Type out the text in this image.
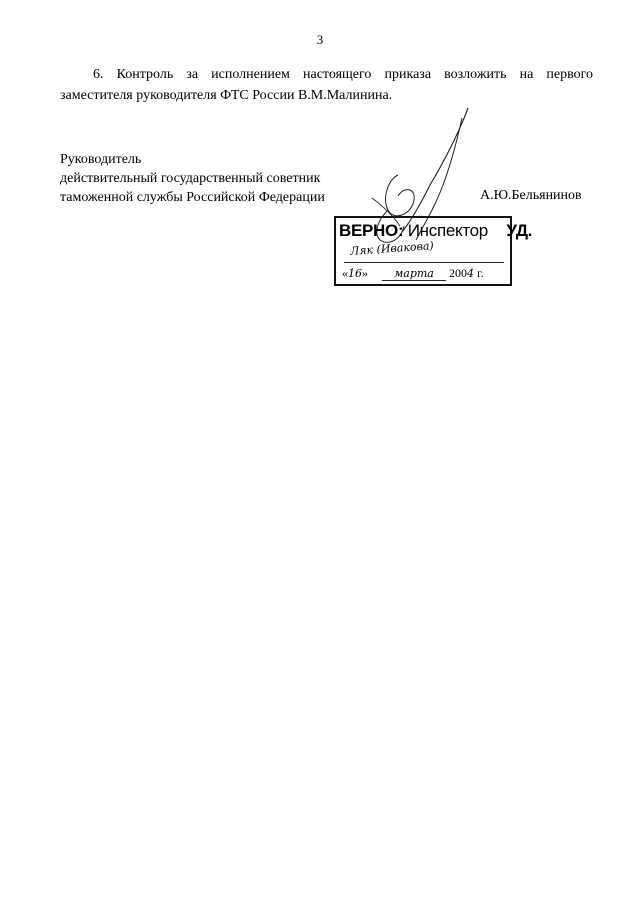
3
6. Контроль за исполнением настоящего приказа возложить на первого
заместителя руководителя ФТС России В.М.Малинина.
Руководитель
действительный государственный советник
таможенной службы Российской Федерации	А.Ю.Бельянинов
ВЕРНО: Инспектор УД.
Ляк (Ивакова)
«16» марта 2004 г.
